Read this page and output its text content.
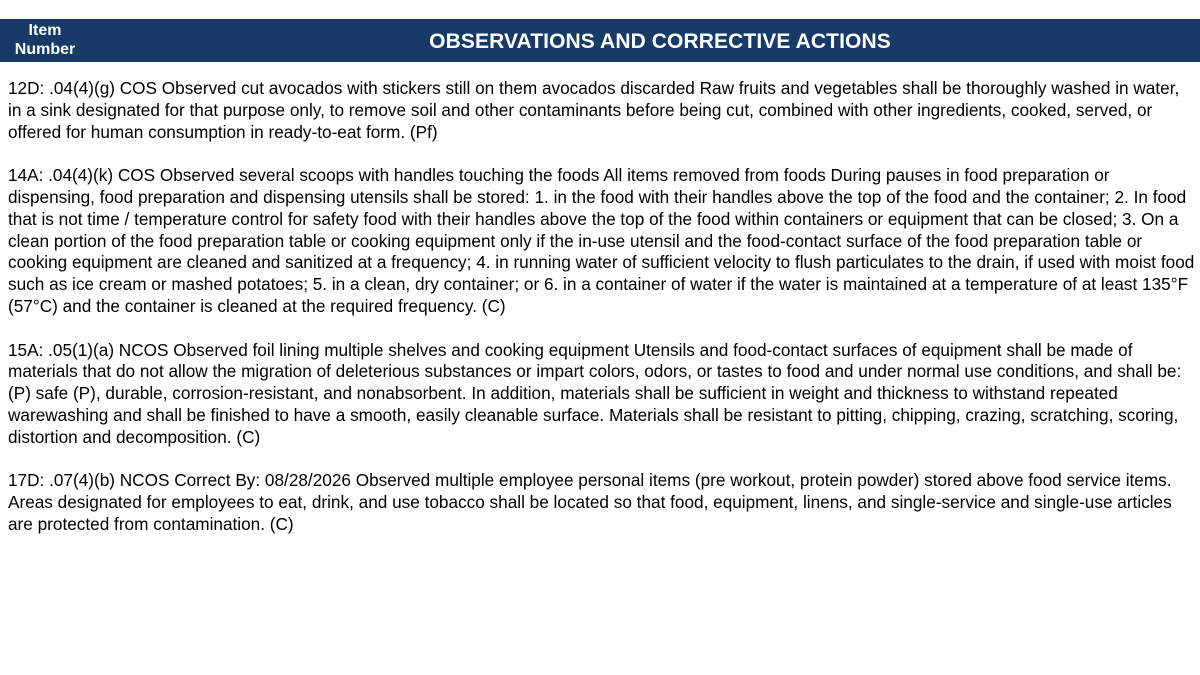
Item
Number	OBSERVATIONS AND CORRECTIVE ACTIONS

12D: .04(4)(g) COS Observed cut avocados with stickers still on them avocados discarded Raw fruits and vegetables shall be thoroughly washed in water, in a sink designated for that purpose only, to remove soil and other contaminants before being cut, combined with other ingredients, cooked, served, or offered for human consumption in ready-to-eat form. (Pf)

14A: .04(4)(k) COS Observed several scoops with handles touching the foods All items removed from foods During pauses in food preparation or dispensing, food preparation and dispensing utensils shall be stored: 1. in the food with their handles above the top of the food and the container; 2. In food that is not time / temperature control for safety food with their handles above the top of the food within containers or equipment that can be closed; 3. On a clean portion of the food preparation table or cooking equipment only if the in-use utensil and the food-contact surface of the food preparation table or cooking equipment are cleaned and sanitized at a frequency; 4. in running water of sufficient velocity to flush particulates to the drain, if used with moist food such as ice cream or mashed potatoes; 5. in a clean, dry container; or 6. in a container of water if the water is maintained at a temperature of at least 135°F (57°C) and the container is cleaned at the required frequency. (C)

15A: .05(1)(a) NCOS Observed foil lining multiple shelves and cooking equipment Utensils and food-contact surfaces of equipment shall be made of materials that do not allow the migration of deleterious substances or impart colors, odors, or tastes to food and under normal use conditions, and shall be: (P) safe (P), durable, corrosion-resistant, and nonabsorbent. In addition, materials shall be sufficient in weight and thickness to withstand repeated warewashing and shall be finished to have a smooth, easily cleanable surface. Materials shall be resistant to pitting, chipping, crazing, scratching, scoring, distortion and decomposition. (C)

17D: .07(4)(b) NCOS Correct By: 08/28/2026 Observed multiple employee personal items (pre workout, protein powder) stored above food service items. Areas designated for employees to eat, drink, and use tobacco shall be located so that food, equipment, linens, and single-service and single-use articles are protected from contamination. (C)
